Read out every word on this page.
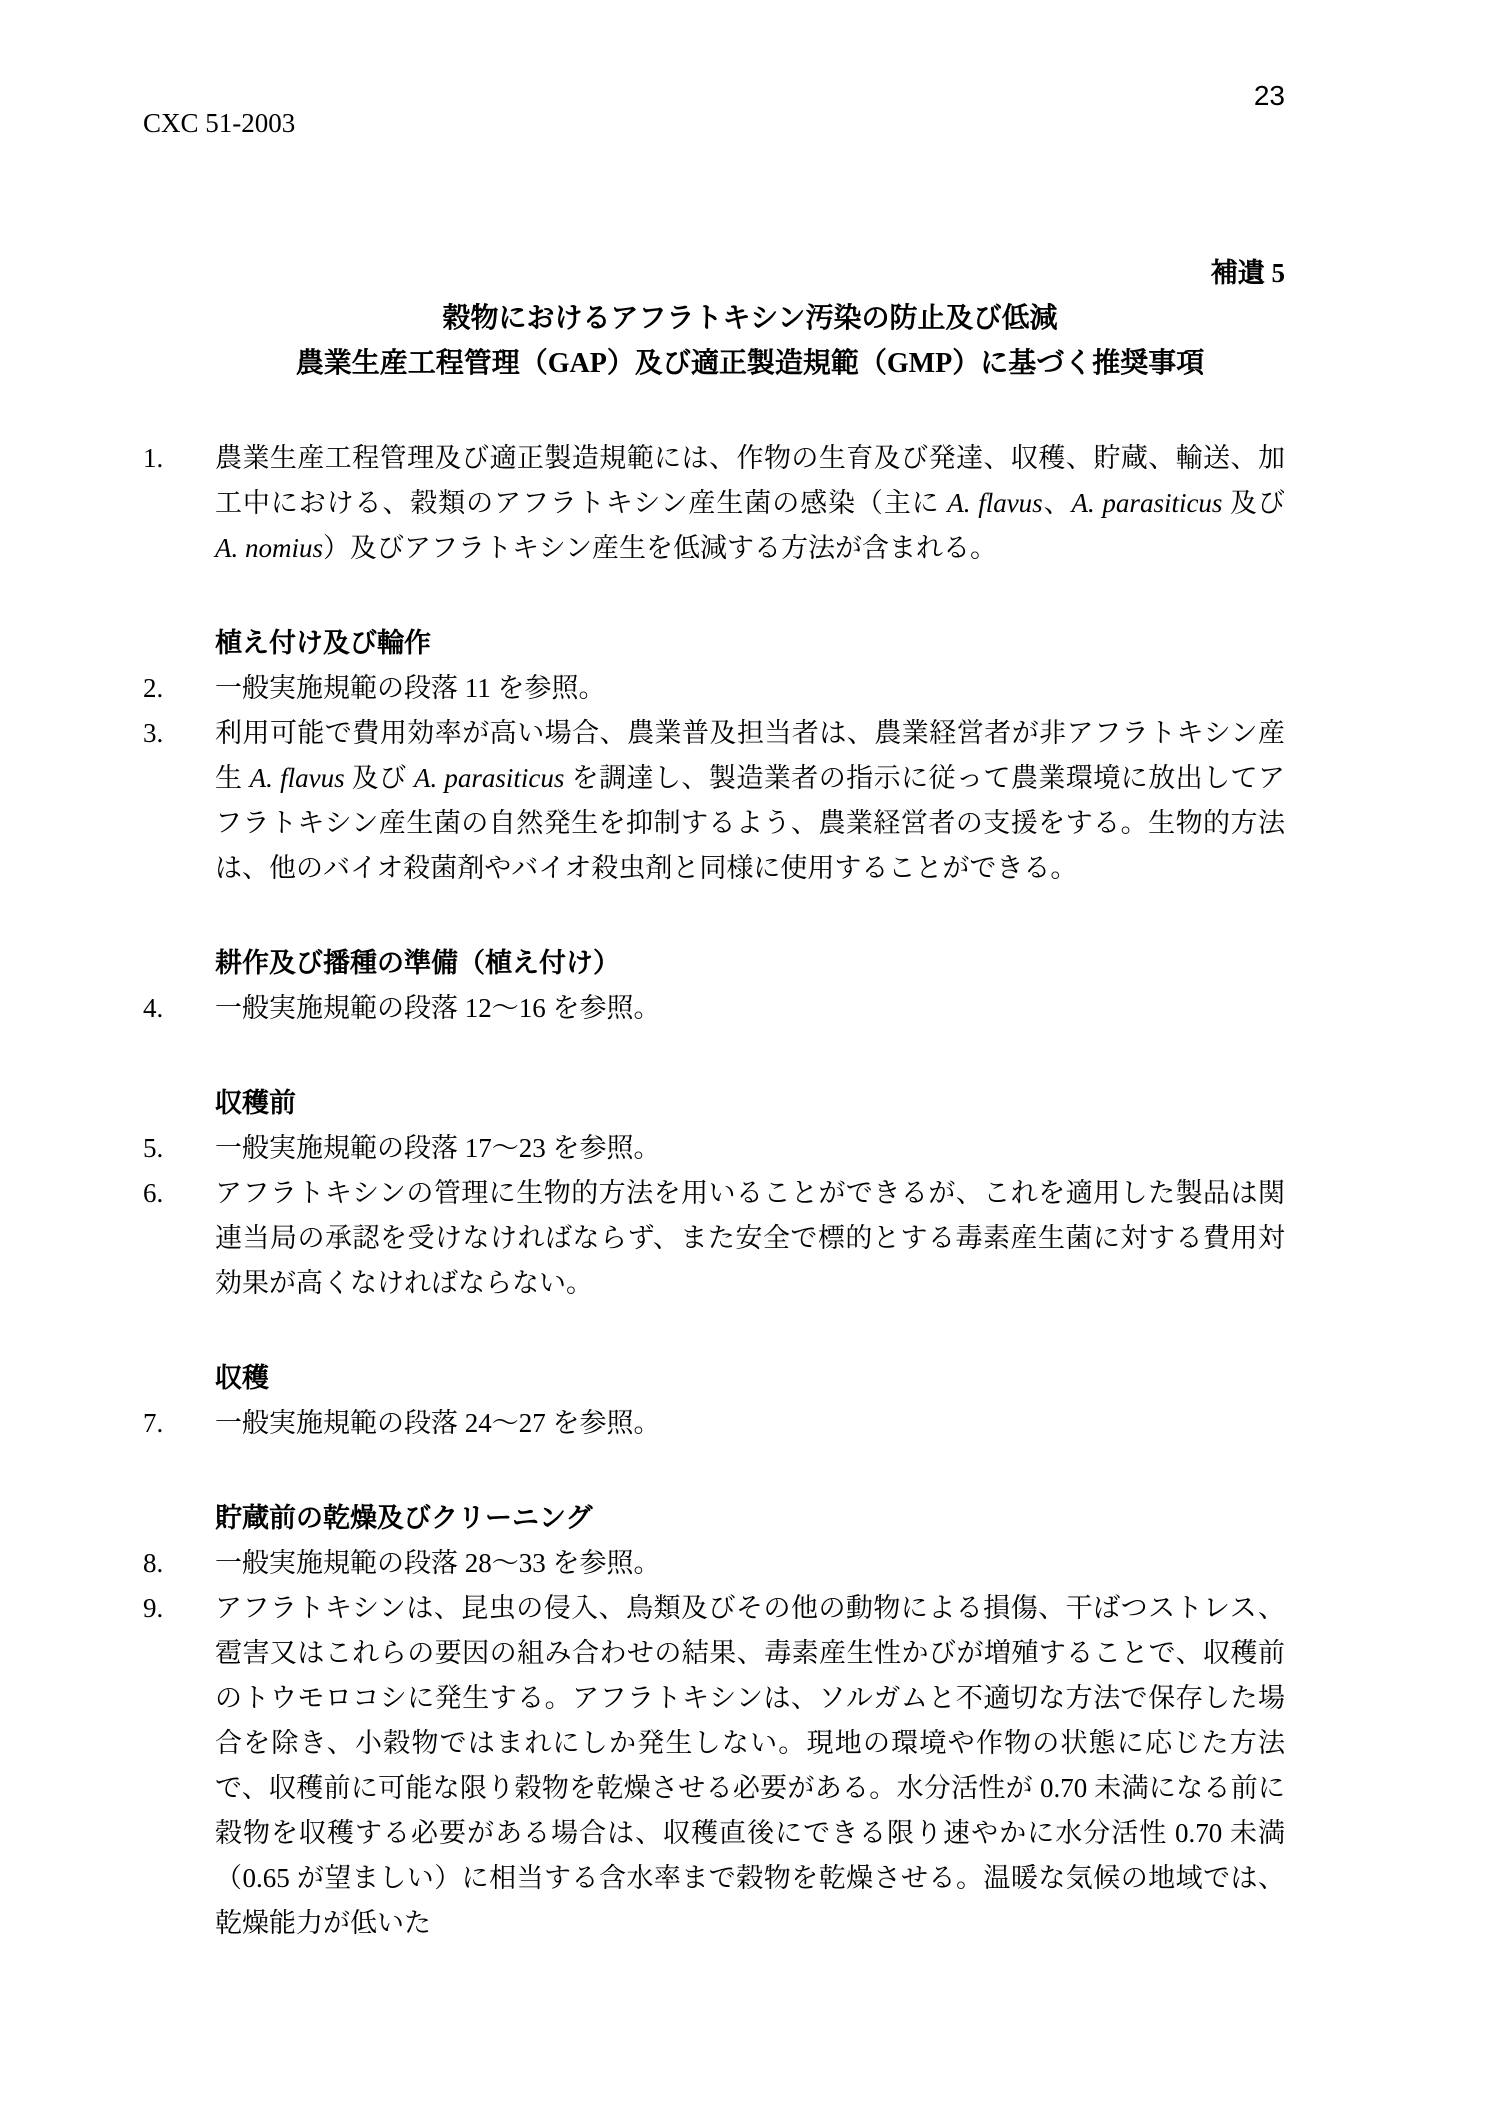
23
CXC 51-2003
補遺 5
穀物におけるアフラトキシン汚染の防止及び低減
農業生産工程管理（GAP）及び適正製造規範（GMP）に基づく推奨事項
1.	農業生産工程管理及び適正製造規範には、作物の生育及び発達、収穫、貯蔵、輸送、加工中における、穀類のアフラトキシン産生菌の感染（主に A. flavus、A. parasiticus 及び A. nomius）及びアフラトキシン産生を低減する方法が含まれる。
植え付け及び輪作
2.	一般実施規範の段落 11 を参照。
3.	利用可能で費用効率が高い場合、農業普及担当者は、農業経営者が非アフラトキシン産生 A. flavus 及び A. parasiticus を調達し、製造業者の指示に従って農業環境に放出してアフラトキシン産生菌の自然発生を抑制するよう、農業経営者の支援をする。生物的方法は、他のバイオ殺菌剤やバイオ殺虫剤と同様に使用することができる。
耕作及び播種の準備（植え付け）
4.	一般実施規範の段落 12～16 を参照。
収穫前
5.	一般実施規範の段落 17～23 を参照。
6.	アフラトキシンの管理に生物的方法を用いることができるが、これを適用した製品は関連当局の承認を受けなければならず、また安全で標的とする毒素産生菌に対する費用対効果が高くなければならない。
収穫
7.	一般実施規範の段落 24～27 を参照。
貯蔵前の乾燥及びクリーニング
8.	一般実施規範の段落 28～33 を参照。
9.	アフラトキシンは、昆虫の侵入、鳥類及びその他の動物による損傷、干ばつストレス、雹害又はこれらの要因の組み合わせの結果、毒素産生性かびが増殖することで、収穫前のトウモロコシに発生する。アフラトキシンは、ソルガムと不適切な方法で保存した場合を除き、小穀物ではまれにしか発生しない。現地の環境や作物の状態に応じた方法で、収穫前に可能な限り穀物を乾燥させる必要がある。水分活性が 0.70 未満になる前に穀物を収穫する必要がある場合は、収穫直後にできる限り速やかに水分活性 0.70 未満（0.65 が望ましい）に相当する含水率まで穀物を乾燥させる。温暖な気候の地域では、乾燥能力が低いた
